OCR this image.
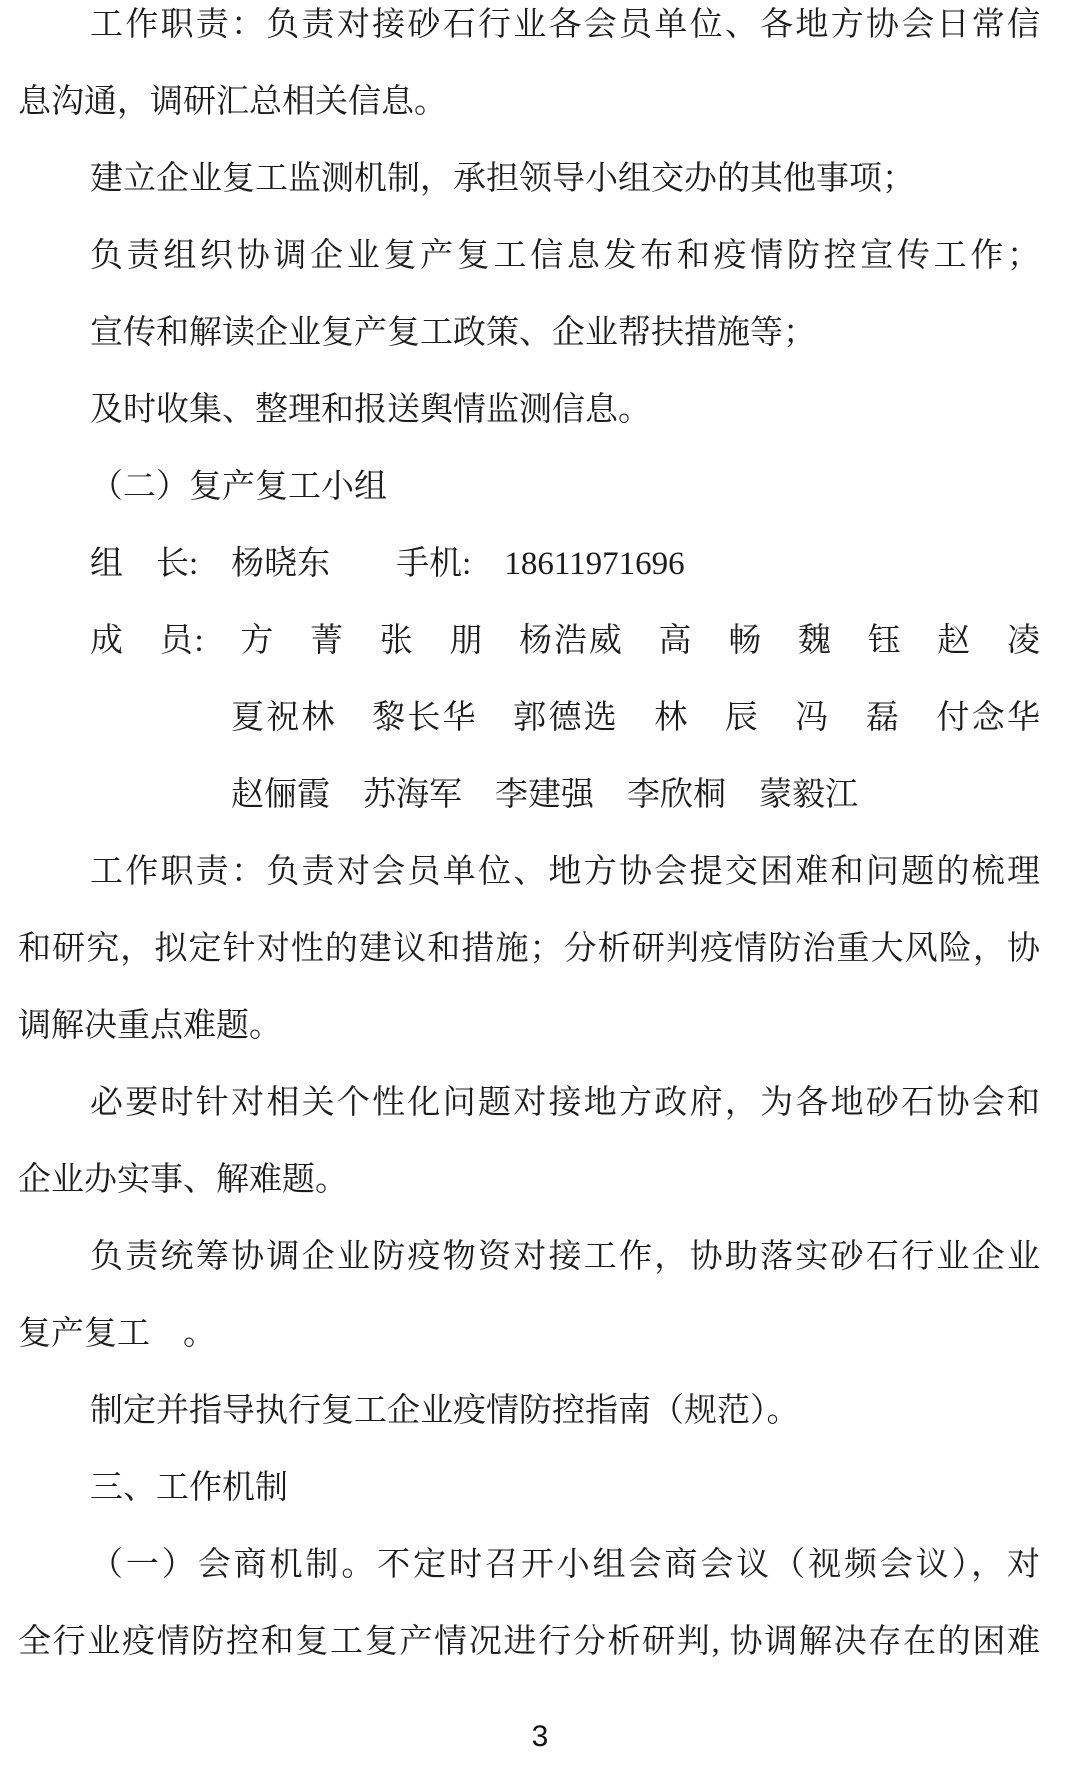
工作职责：负责对接砂石行业各会员单位、各地方协会日常信
息沟通，调研汇总相关信息。
建立企业复工监测机制，承担领导小组交办的其他事项；
负责组织协调企业复产复工信息发布和疫情防控宣传工作；
宣传和解读企业复产复工政策、企业帮扶措施等；
及时收集、整理和报送舆情监测信息。
（二）复产复工小组
组　长:　杨晓东　　手机:　18611971696
成　员:　方　菁　张　朋　杨浩威　高　畅　魏　钰　赵　凌
夏祝林　黎长华　郭德选　林　辰　冯　磊　付念华
赵俪霞　苏海军　李建强　李欣桐　蒙毅江
工作职责：负责对会员单位、地方协会提交困难和问题的梳理
和研究，拟定针对性的建议和措施；分析研判疫情防治重大风险，协
调解决重点难题。
必要时针对相关个性化问题对接地方政府，为各地砂石协会和
企业办实事、解难题。
负责统筹协调企业防疫物资对接工作，协助落实砂石行业企业
复产复工　。
制定并指导执行复工企业疫情防控指南（规范）。
三、工作机制
（一）会商机制。不定时召开小组会商会议（视频会议），对
全行业疫情防控和复工复产情况进行分析研判, 协调解决存在的困难
3
